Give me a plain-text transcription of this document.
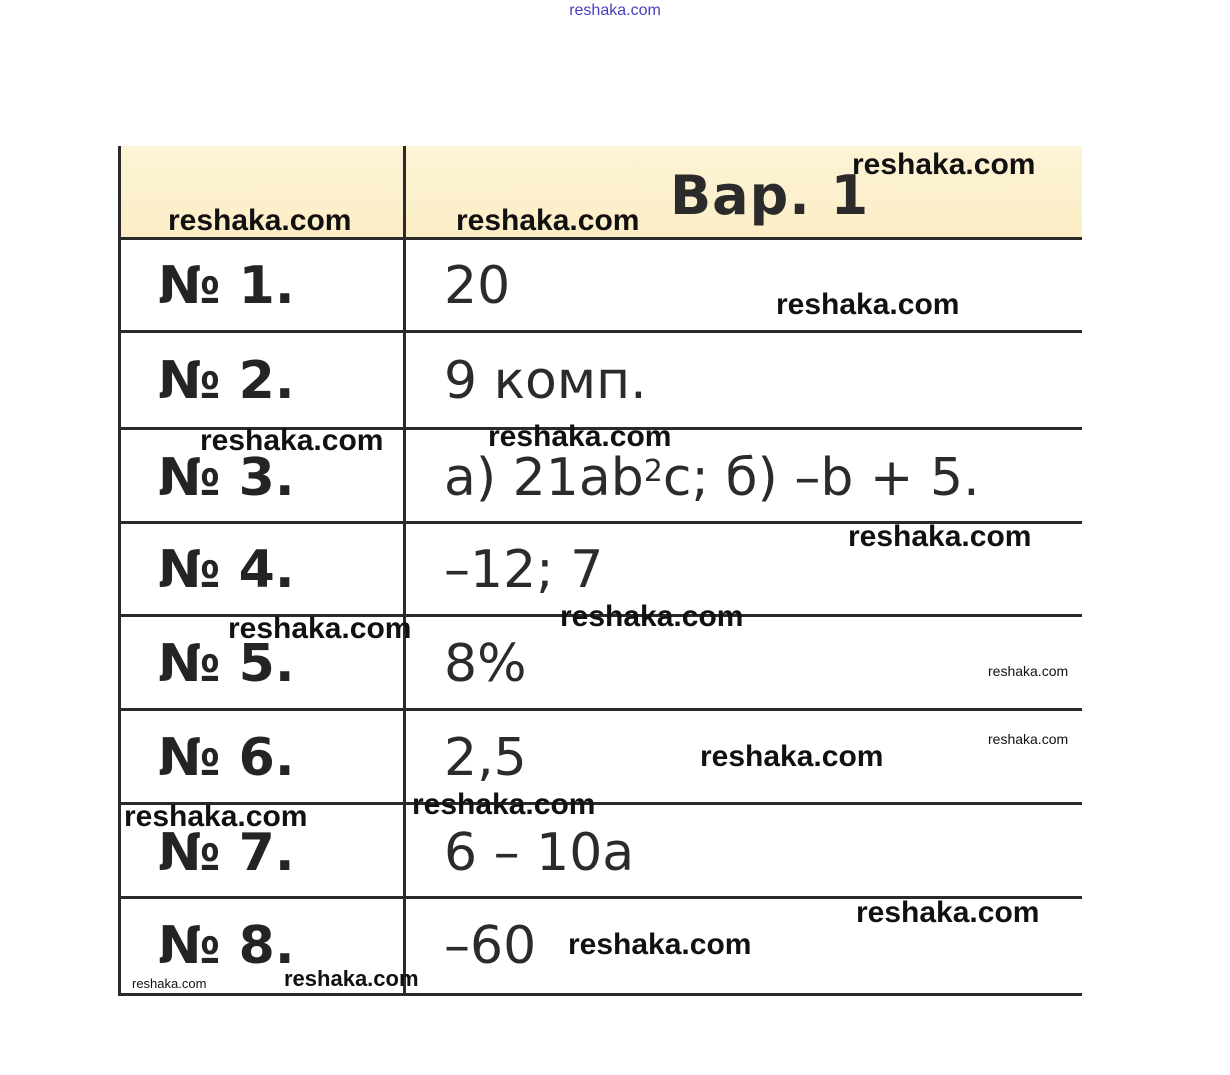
reshaka.com
Вар. 1
№ 1.	20
№ 2.	9 комп.
№ 3.	а) $21ab^2c$; б) –b + 5.
№ 4.	–12; 7
№ 5.	8%
№ 6.	2,5
№ 7.	6 – 10a
№ 8.	–60
reshaka.com
reshaka.com	reshaka.com
reshaka.com
reshaka.com	reshaka.com
reshaka.com
reshaka.com
reshaka.com
reshaka.com
reshaka.com
reshaka.com
reshaka.com
reshaka.com
reshaka.com
reshaka.com
reshaka.com
reshaka.com
